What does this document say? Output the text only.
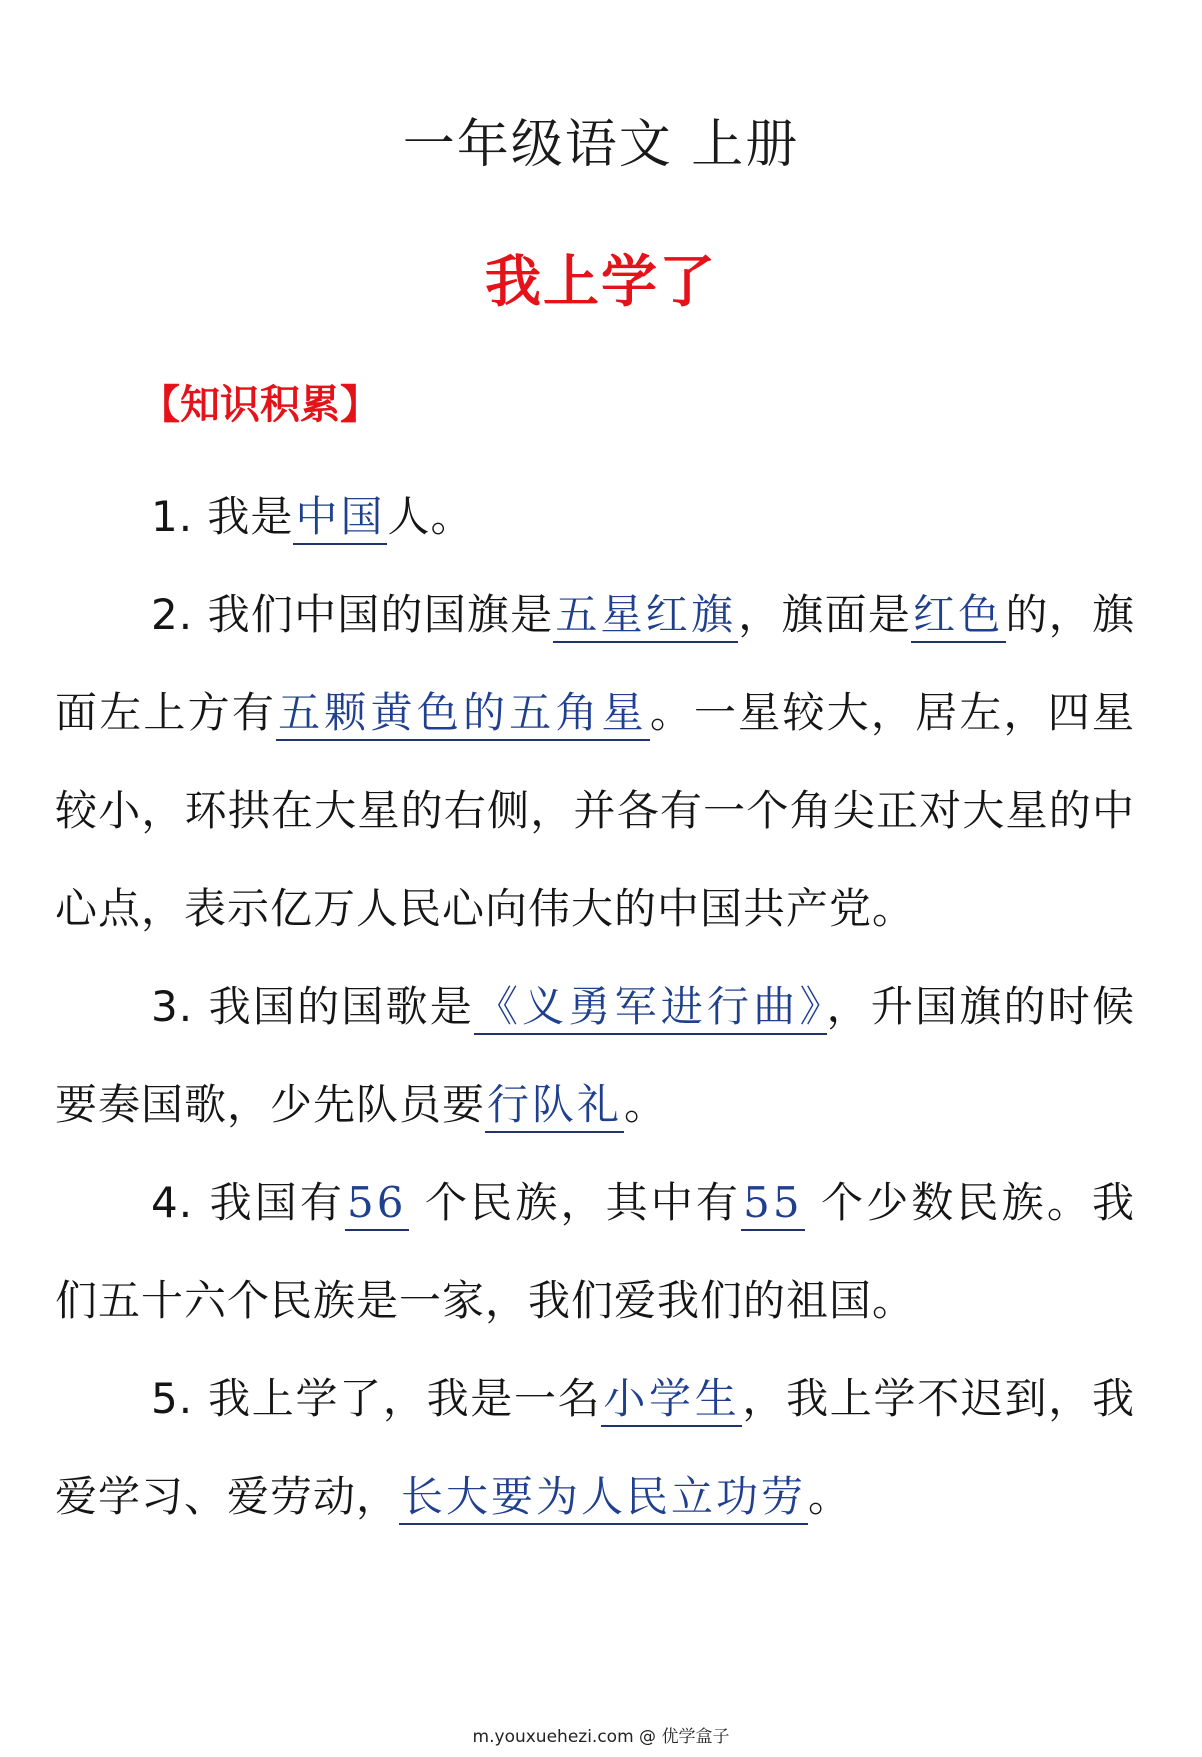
一年级语文 上册
我上学了
【知识积累】

1. 我是中国人。

2. 我们中国的国旗是五星红旗，旗面是红色的，旗面左上方有五颗黄色的五角星。一星较大，居左，四星较小，环拱在大星的右侧，并各有一个角尖正对大星的中心点，表示亿万人民心向伟大的中国共产党。

3. 我国的国歌是《义勇军进行曲》，升国旗的时候要奏国歌，少先队员要行队礼。

4. 我国有56 个民族，其中有55 个少数民族。我们五十六个民族是一家，我们爱我们的祖国。

5. 我上学了，我是一名小学生，我上学不迟到，我爱学习、爱劳动，长大要为人民立功劳。

m.youxuehezi.com @ 优学盒子
